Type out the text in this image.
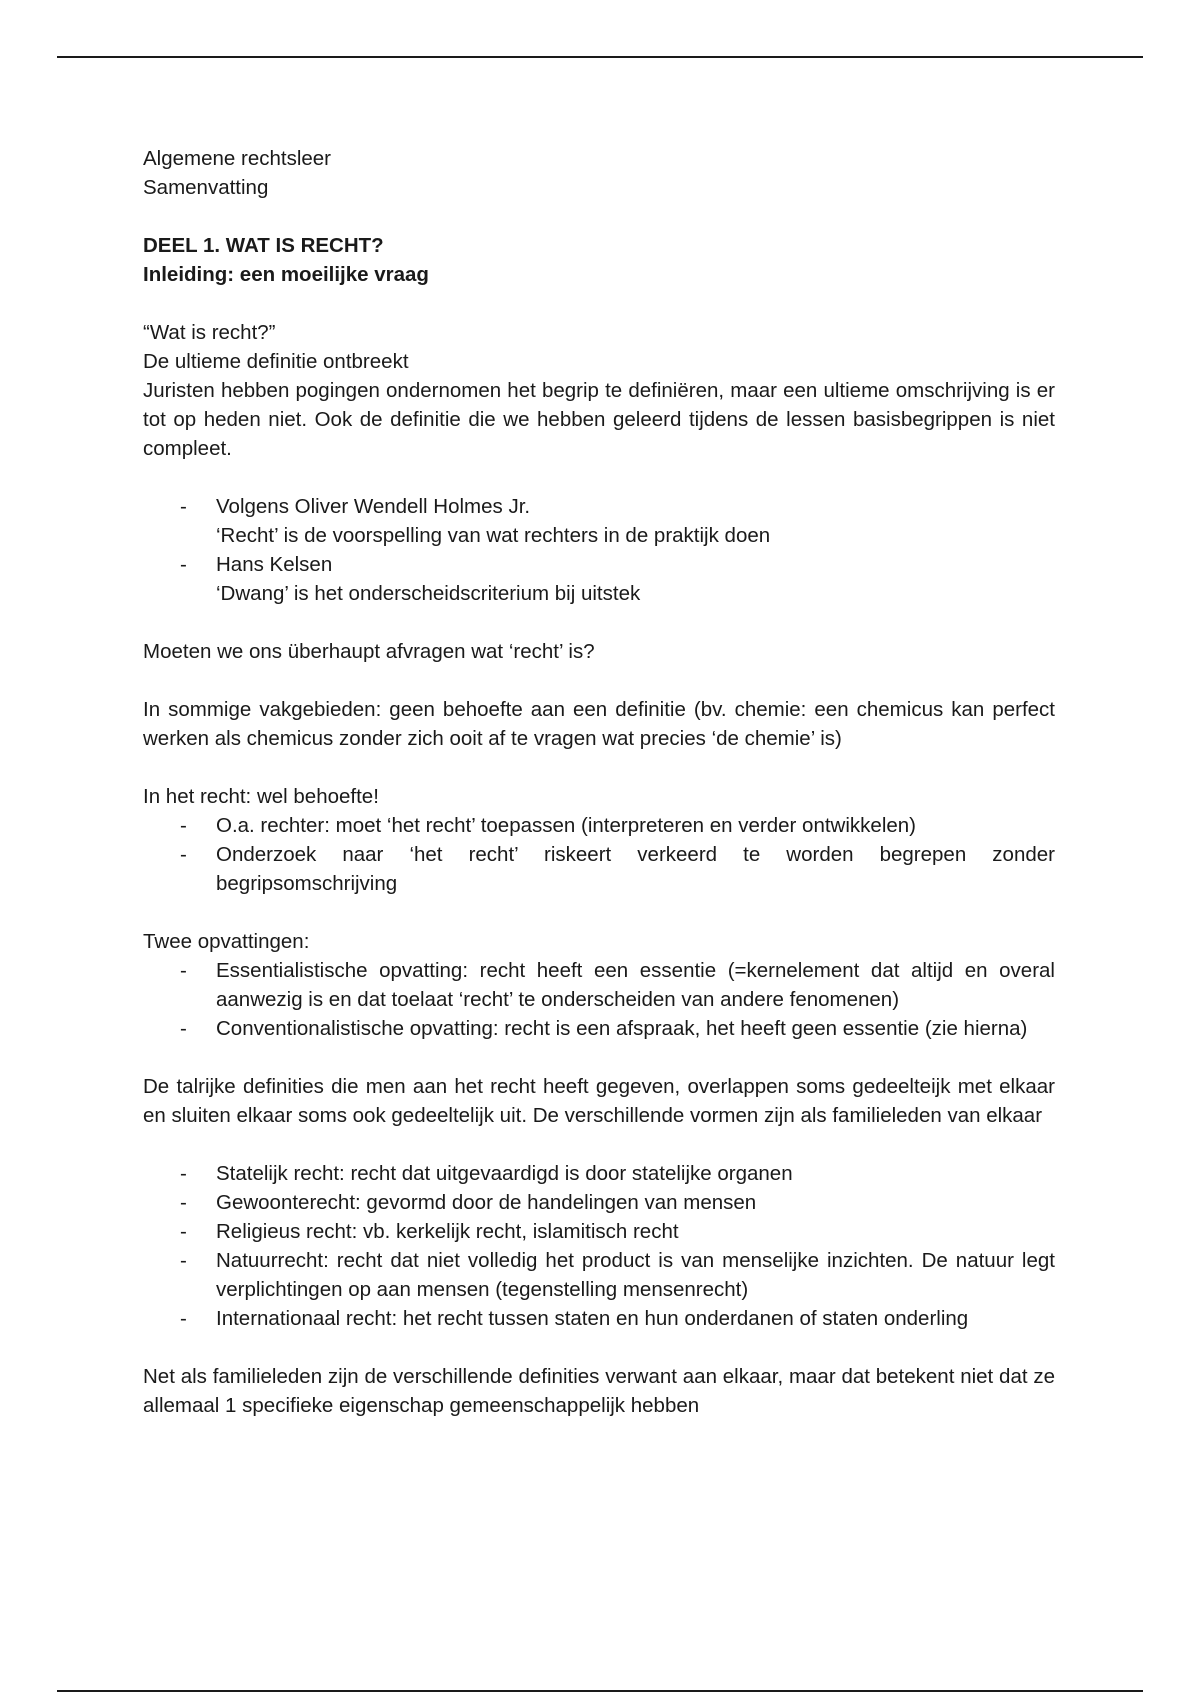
Algemene rechtsleer
Samenvatting
DEEL 1. WAT IS RECHT?
Inleiding: een moeilijke vraag
“Wat is recht?”
De ultieme definitie ontbreekt
Juristen hebben pogingen ondernomen het begrip te definiëren, maar een ultieme omschrijving is er tot op heden niet. Ook de definitie die we hebben geleerd tijdens de lessen basisbegrippen is niet compleet.
- Volgens Oliver Wendell Holmes Jr.
‘Recht’ is de voorspelling van wat rechters in de praktijk doen
- Hans Kelsen
‘Dwang’ is het onderscheidscriterium bij uitstek
Moeten we ons überhaupt afvragen wat ‘recht’ is?
In sommige vakgebieden: geen behoefte aan een definitie (bv. chemie: een chemicus kan perfect werken als chemicus zonder zich ooit af te vragen wat precies ‘de chemie’ is)
In het recht: wel behoefte!
- O.a. rechter: moet ‘het recht’ toepassen (interpreteren en verder ontwikkelen)
- Onderzoek naar ‘het recht’ riskeert verkeerd te worden begrepen zonder begripsomschrijving
Twee opvattingen:
- Essentialistische opvatting: recht heeft een essentie (=kernelement dat altijd en overal aanwezig is en dat toelaat ‘recht’ te onderscheiden van andere fenomenen)
- Conventionalistische opvatting: recht is een afspraak, het heeft geen essentie (zie hierna)
De talrijke definities die men aan het recht heeft gegeven, overlappen soms gedeelteijk met elkaar en sluiten elkaar soms ook gedeeltelijk uit. De verschillende vormen zijn als familieleden van elkaar
- Statelijk recht: recht dat uitgevaardigd is door statelijke organen
- Gewoonterecht: gevormd door de handelingen van mensen
- Religieus recht: vb. kerkelijk recht, islamitisch recht
- Natuurrecht: recht dat niet volledig het product is van menselijke inzichten. De natuur legt verplichtingen op aan mensen (tegenstelling mensenrecht)
- Internationaal recht: het recht tussen staten en hun onderdanen of staten onderling
Net als familieleden zijn de verschillende definities verwant aan elkaar, maar dat betekent niet dat ze allemaal 1 specifieke eigenschap gemeenschappelijk hebben
